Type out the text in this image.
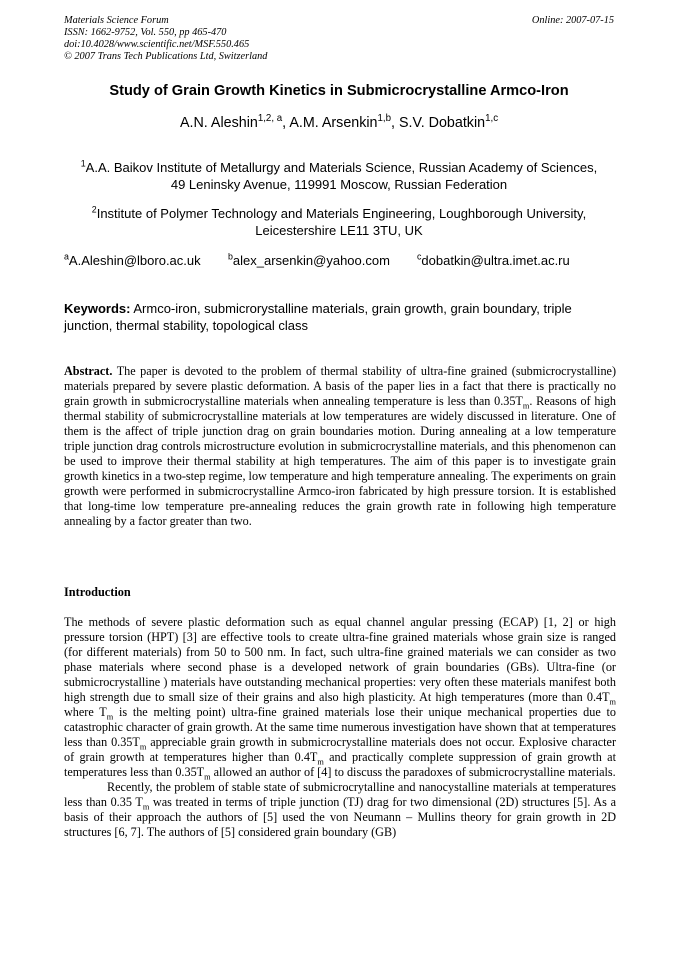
Materials Science Forum
ISSN: 1662-9752, Vol. 550, pp 465-470
doi:10.4028/www.scientific.net/MSF.550.465
© 2007 Trans Tech Publications Ltd, Switzerland
Online: 2007-07-15
Study of Grain Growth Kinetics in Submicrocrystalline Armco-Iron
A.N. Aleshin$^{1,2, a}$, A.M. Arsenkin$^{1,b}$, S.V. Dobatkin$^{1,c}$
$^1$A.A. Baikov Institute of Metallurgy and Materials Science, Russian Academy of Sciences,
49 Leninsky Avenue, 119991 Moscow, Russian Federation
$^2$Institute of Polymer Technology and Materials Engineering, Loughborough University,
Leicestershire LE11 3TU, UK
$^a$A.Aleshin@lboro.ac.uk	$^b$alex_arsenkin@yahoo.com	$^c$dobatkin@ultra.imet.ac.ru
Keywords: Armco-iron, submicrorystalline materials, grain growth, grain boundary, triple junction, thermal stability, topological class
Abstract. The paper is devoted to the problem of thermal stability of ultra-fine grained (submicrocrystalline) materials prepared by severe plastic deformation. A basis of the paper lies in a fact that there is practically no grain growth in submicrocrystalline materials when annealing temperature is less than $0.35T_m$. Reasons of high thermal stability of submicrocrystalline materials at low temperatures are widely discussed in literature. One of them is the affect of triple junction drag on grain boundaries motion. During annealing at a low temperature triple junction drag controls microstructure evolution in submicrocrystalline materials, and this phenomenon can be used to improve their thermal stability at high temperatures. The aim of this paper is to investigate grain growth kinetics in a two-step regime, low temperature and high temperature annealing. The experiments on grain growth were performed in submicrocrystalline Armco-iron fabricated by high pressure torsion. It is established that long-time low temperature pre-annealing reduces the grain growth rate in following high temperature annealing by a factor greater than two.
Introduction

The methods of severe plastic deformation such as equal channel angular pressing (ECAP) [1, 2] or high pressure torsion (HPT) [3] are effective tools to create ultra-fine grained materials whose grain size is ranged (for different materials) from 50 to 500 nm. In fact, such ultra-fine grained materials we can consider as two phase materials where second phase is a developed network of grain boundaries (GBs). Ultra-fine (or submicrocrystalline ) materials have outstanding mechanical properties: very often these materials manifest both high strength due to small size of their grains and also high plasticity. At high temperatures (more than $0.4T_m$ where $T_m$ is the melting point) ultra-fine grained materials lose their unique mechanical properties due to catastrophic character of grain growth. At the same time numerous investigation have shown that at temperatures less than $0.35T_m$ appreciable grain growth in submicrocrystalline materials does not occur. Explosive character of grain growth at temperatures higher than $0.4T_m$ and practically complete suppression of grain growth at temperatures less than $0.35T_m$ allowed an author of [4] to discuss the paradoxes of submicrocrystalline materials.

Recently, the problem of stable state of submicrocrytalline and nanocystalline materials at temperatures less than 0.35 $T_m$ was treated in terms of triple junction (TJ) drag for two dimensional (2D) structures [5]. As a basis of their approach the authors of [5] used the von Neumann – Mullins theory for grain growth in 2D structures [6, 7]. The authors of [5] considered grain boundary (GB)
